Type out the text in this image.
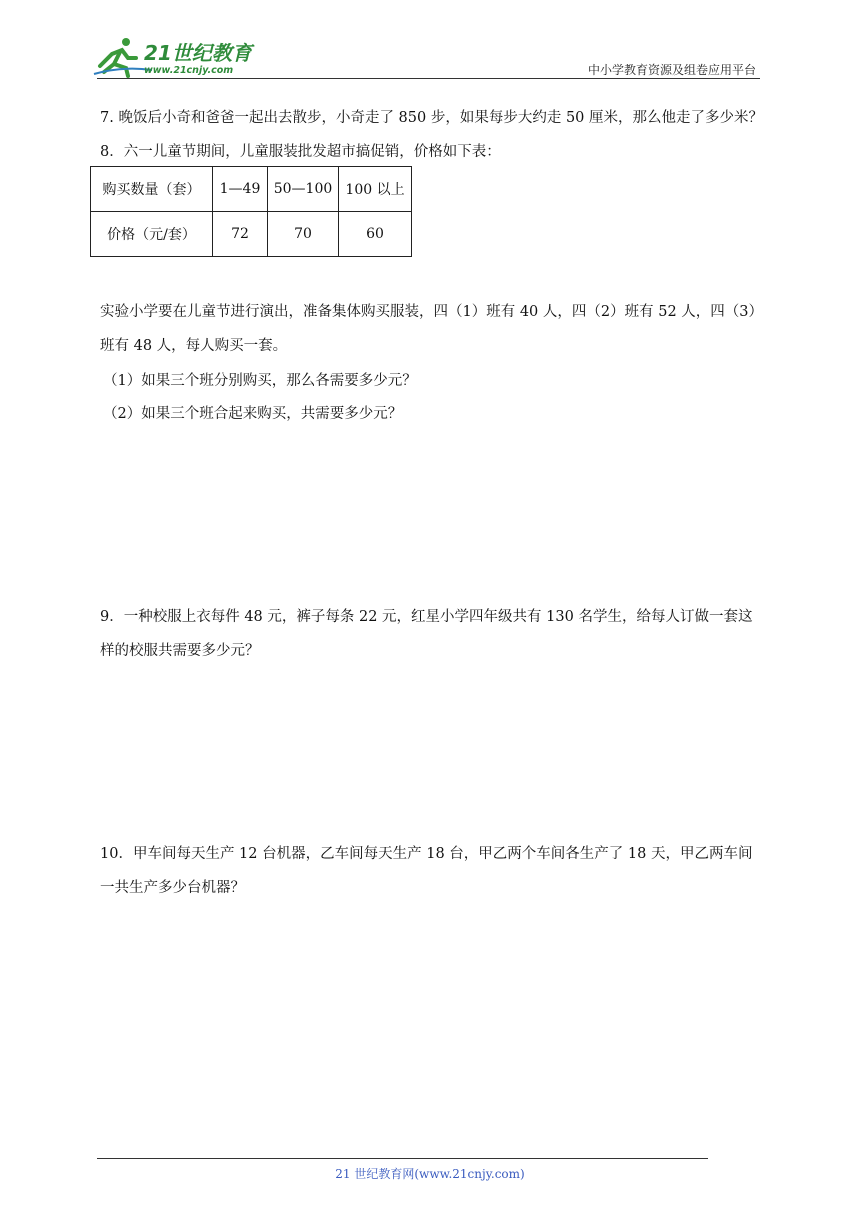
21世纪教育
www.21cnjy.com	中小学教育资源及组卷应用平台
7. 晚饭后小奇和爸爸一起出去散步，小奇走了 850 步，如果每步大约走 50 厘米，那么他走了多少米？
8．六一儿童节期间，儿童服装批发超市搞促销，价格如下表：
购买数量（套）	1—49	50—100	100 以上
价格（元/套）	72	70	60
实验小学要在儿童节进行演出，准备集体购买服装，四（1）班有 40 人，四（2）班有 52 人，四（3）
班有 48 人，每人购买一套。
（1）如果三个班分别购买，那么各需要多少元？
（2）如果三个班合起来购买，共需要多少元？
9．一种校服上衣每件 48 元，裤子每条 22 元，红星小学四年级共有 130 名学生，给每人订做一套这
样的校服共需要多少元？
10．甲车间每天生产 12 台机器，乙车间每天生产 18 台，甲乙两个车间各生产了 18 天，甲乙两车间
一共生产多少台机器？
21 世纪教育网(www.21cnjy.com)
